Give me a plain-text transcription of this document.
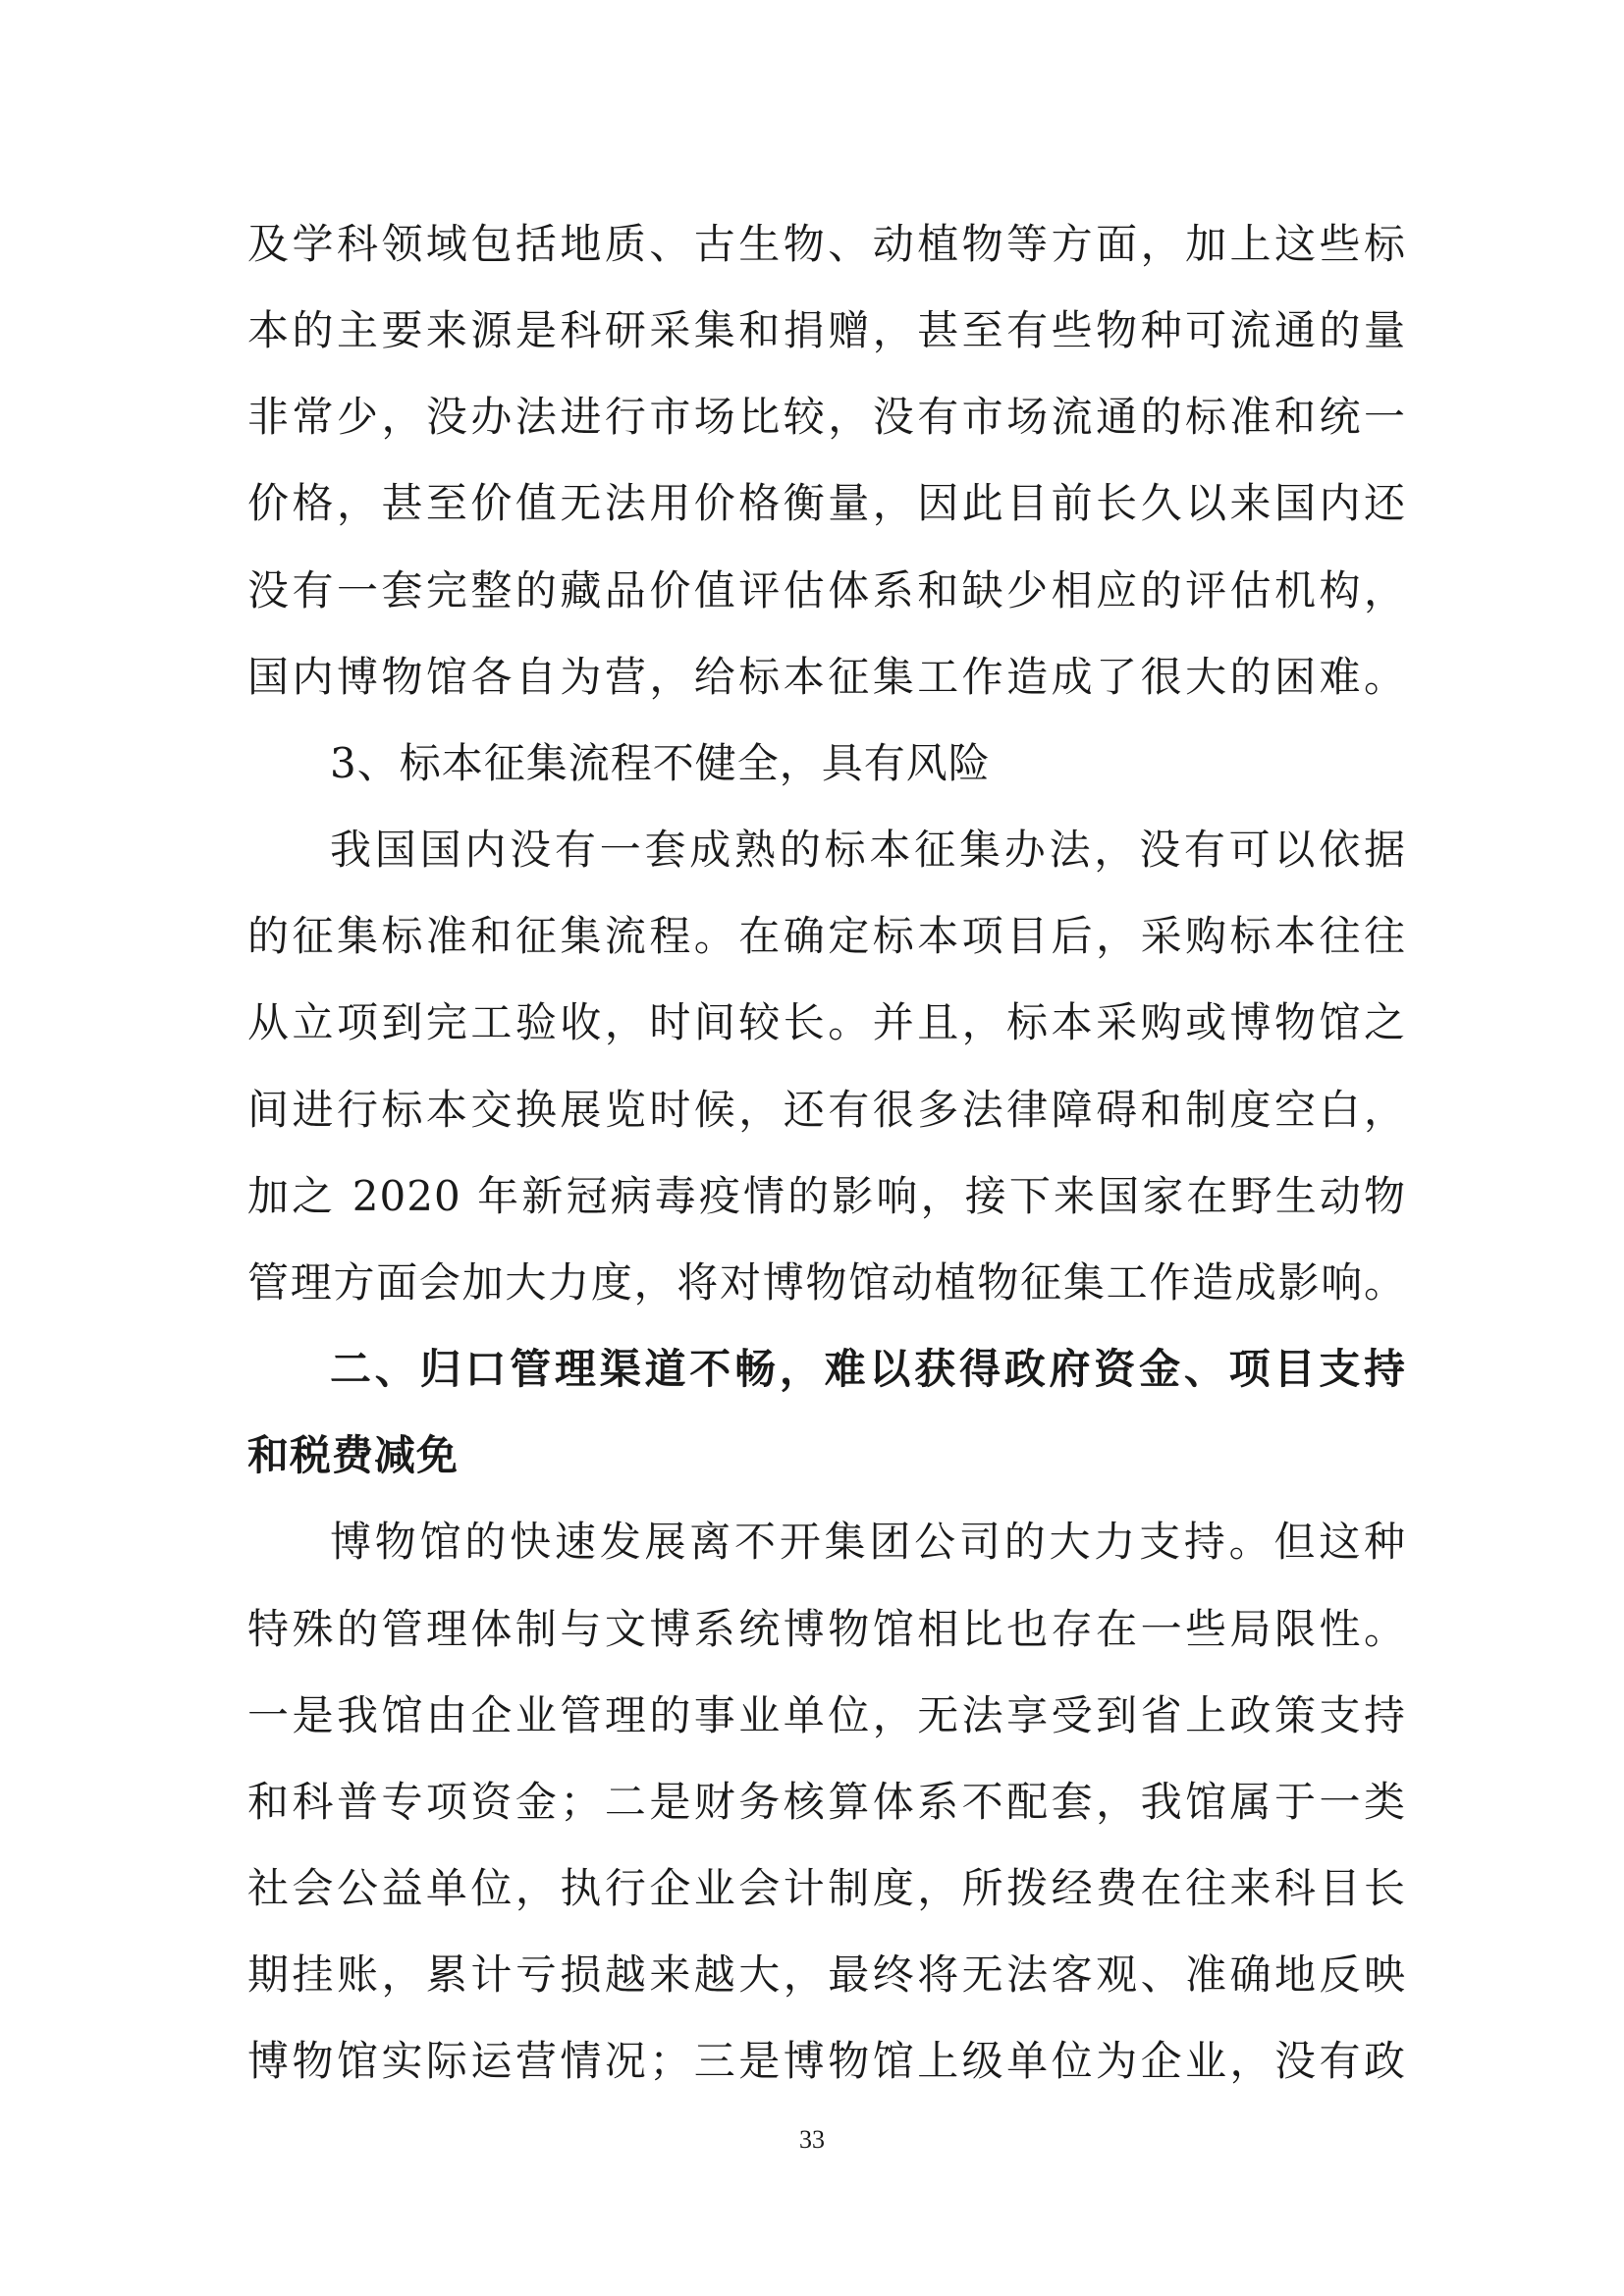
及学科领域包括地质、古生物、动植物等方面，加上这些标
本的主要来源是科研采集和捐赠，甚至有些物种可流通的量
非常少，没办法进行市场比较，没有市场流通的标准和统一
价格，甚至价值无法用价格衡量，因此目前长久以来国内还
没有一套完整的藏品价值评估体系和缺少相应的评估机构，
国内博物馆各自为营，给标本征集工作造成了很大的困难。
3、标本征集流程不健全，具有风险
我国国内没有一套成熟的标本征集办法，没有可以依据
的征集标准和征集流程。在确定标本项目后，采购标本往往
从立项到完工验收，时间较长。并且，标本采购或博物馆之
间进行标本交换展览时候，还有很多法律障碍和制度空白，
加之 2020 年新冠病毒疫情的影响，接下来国家在野生动物
管理方面会加大力度，将对博物馆动植物征集工作造成影响。
二、归口管理渠道不畅，难以获得政府资金、项目支持
和税费减免
博物馆的快速发展离不开集团公司的大力支持。但这种
特殊的管理体制与文博系统博物馆相比也存在一些局限性。
一是我馆由企业管理的事业单位，无法享受到省上政策支持
和科普专项资金；二是财务核算体系不配套，我馆属于一类
社会公益单位，执行企业会计制度，所拨经费在往来科目长
期挂账，累计亏损越来越大，最终将无法客观、准确地反映
博物馆实际运营情况；三是博物馆上级单位为企业，没有政
33
